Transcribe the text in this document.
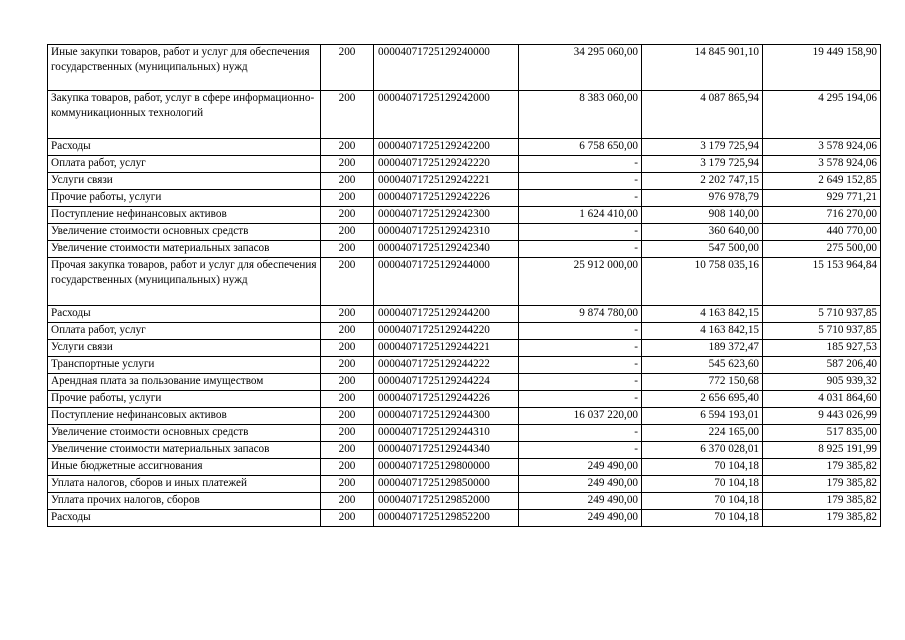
Иные закупки товаров, работ и услуг для обеспечения государственных (муниципальных) нужд	200	00004071725129240000	34 295 060,00	14 845 901,10	19 449 158,90
Закупка товаров, работ, услуг в сфере информационно-коммуникационных технологий	200	00004071725129242000	8 383 060,00	4 087 865,94	4 295 194,06
Расходы	200	00004071725129242200	6 758 650,00	3 179 725,94	3 578 924,06
Оплата работ, услуг	200	00004071725129242220	-	3 179 725,94	3 578 924,06
Услуги связи	200	00004071725129242221	-	2 202 747,15	2 649 152,85
Прочие работы, услуги	200	00004071725129242226	-	976 978,79	929 771,21
Поступление нефинансовых активов	200	00004071725129242300	1 624 410,00	908 140,00	716 270,00
Увеличение стоимости основных средств	200	00004071725129242310	-	360 640,00	440 770,00
Увеличение стоимости материальных запасов	200	00004071725129242340	-	547 500,00	275 500,00
Прочая закупка товаров, работ и услуг для обеспечения государственных (муниципальных) нужд	200	00004071725129244000	25 912 000,00	10 758 035,16	15 153 964,84
Расходы	200	00004071725129244200	9 874 780,00	4 163 842,15	5 710 937,85
Оплата работ, услуг	200	00004071725129244220	-	4 163 842,15	5 710 937,85
Услуги связи	200	00004071725129244221	-	189 372,47	185 927,53
Транспортные услуги	200	00004071725129244222	-	545 623,60	587 206,40
Арендная плата за пользование имуществом	200	00004071725129244224	-	772 150,68	905 939,32
Прочие работы, услуги	200	00004071725129244226	-	2 656 695,40	4 031 864,60
Поступление нефинансовых активов	200	00004071725129244300	16 037 220,00	6 594 193,01	9 443 026,99
Увеличение стоимости основных средств	200	00004071725129244310	-	224 165,00	517 835,00
Увеличение стоимости материальных запасов	200	00004071725129244340	-	6 370 028,01	8 925 191,99
Иные бюджетные ассигнования	200	00004071725129800000	249 490,00	70 104,18	179 385,82
Уплата налогов, сборов и иных платежей	200	00004071725129850000	249 490,00	70 104,18	179 385,82
Уплата прочих налогов, сборов	200	00004071725129852000	249 490,00	70 104,18	179 385,82
Расходы	200	00004071725129852200	249 490,00	70 104,18	179 385,82
